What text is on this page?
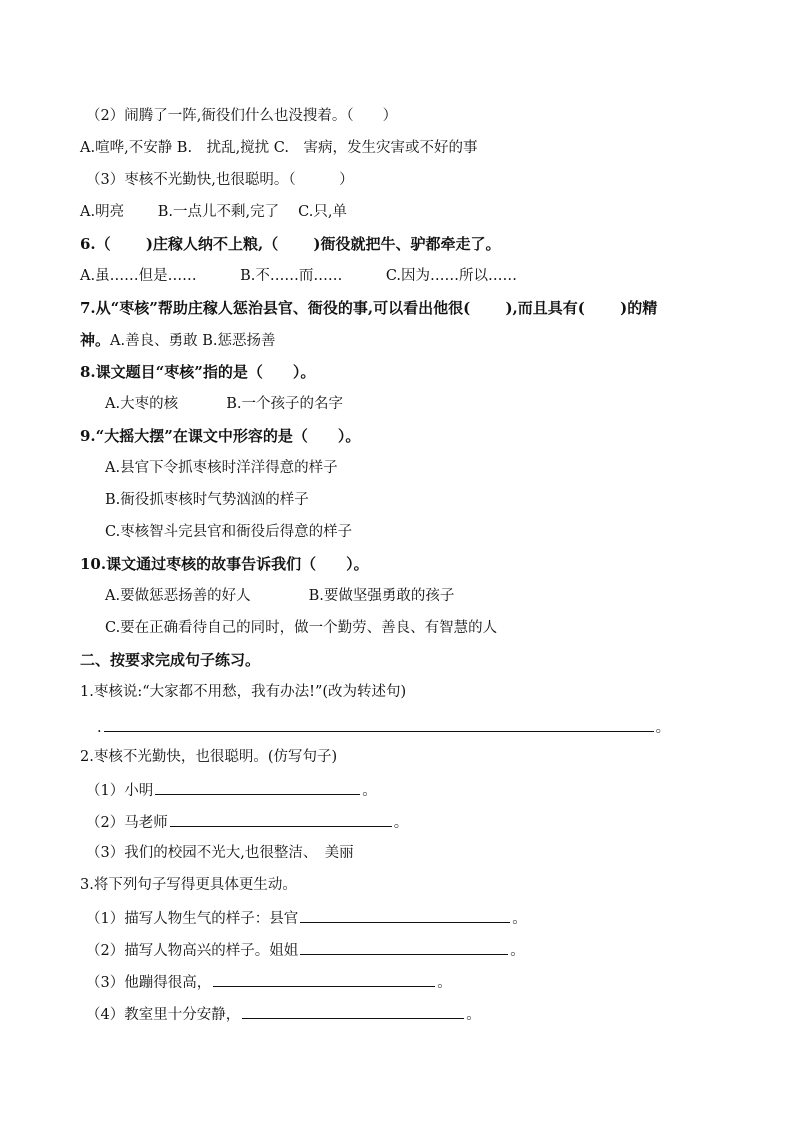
（2）闹腾了一阵,衙役们什么也没搜着。（　　）
A.喧哗,不安静 B.　扰乱,搅扰 C.　害病，发生灾害或不好的事
（3）枣核不光勤快,也很聪明。（　　　）
A.明亮　　 B.一点儿不剩,完了　 C.只,单
6.（　　 )庄稼人纳不上粮,（　　 )衙役就把牛、驴都牵走了。
A.虽……但是……　　　B.不……而……　　　C.因为……所以……
7.从“枣核”帮助庄稼人惩治县官、衙役的事,可以看出他很(　　 ),而且具有(　　 )的精
神。A.善良、勇敢 B.惩恶扬善
8.课文题目“枣核”指的是（　　）。
A.大枣的核　　　 B.一个孩子的名字
9.“大摇大摆”在课文中形容的是（　　）。
A.县官下令抓枣核时洋洋得意的样子
B.衙役抓枣核时气势汹汹的样子
C.枣核智斗完县官和衙役后得意的样子
10.课文通过枣核的故事告诉我们（　　）。
A.要做惩恶扬善的好人　　　　B.要做坚强勇敢的孩子
C.要在正确看待自己的同时，做一个勤劳、善良、有智慧的人
二、按要求完成句子练习。
1.枣核说:“大家都不用愁，我有办法!”(改为转述句)
.	。
2.枣核不光勤快，也很聪明。(仿写句子)
（1）小明	。
（2）马老师	。
（3）我们的校园不光大,也很整洁、　美丽
3.将下列句子写得更具体更生动。
（1）描写人物生气的样子：县官	。
（2）描写人物高兴的样子。姐姐	。
（3）他蹦得很高，	。
（4）教室里十分安静，	。
